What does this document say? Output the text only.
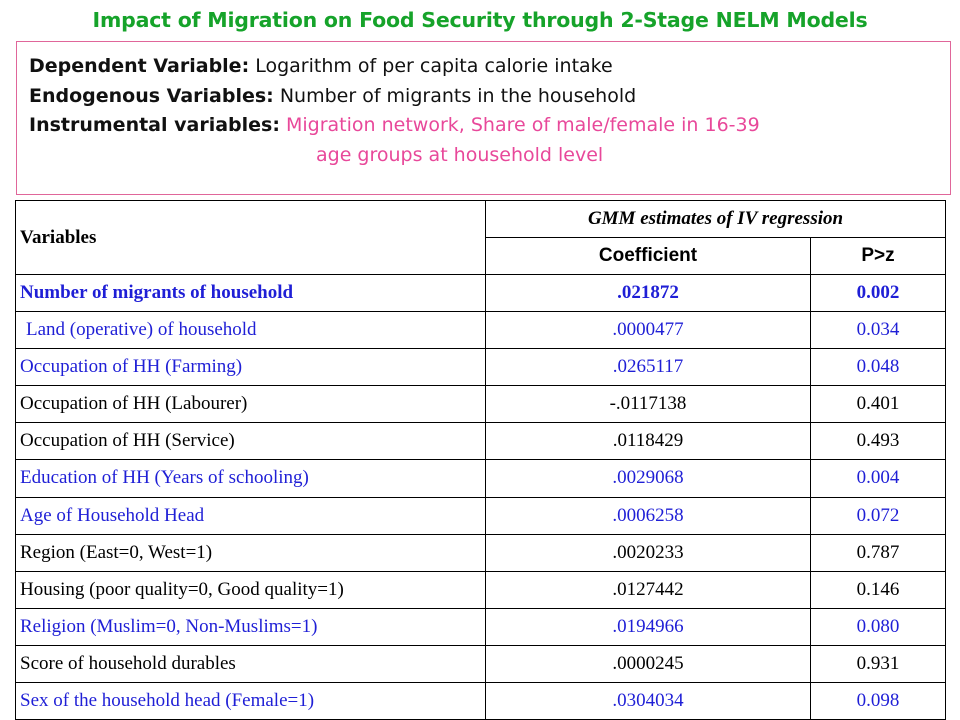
Impact of Migration on Food Security through 2-Stage NELM Models
Dependent Variable: Logarithm of per capita calorie intake
Endogenous Variables: Number of migrants in the household
Instrumental variables: Migration network, Share of male/female in 16-39
age groups at household level
Variables	GMM estimates of IV regression	
	Coefficient	P>z
Number of migrants of household	.021872	0.002
Land (operative) of household	.0000477	0.034
Occupation of HH (Farming)	.0265117	0.048
Occupation of HH (Labourer)	-.0117138	0.401
Occupation of HH (Service)	.0118429	0.493
Education of HH (Years of schooling)	.0029068	0.004
Age of Household Head	.0006258	0.072
Region (East=0, West=1)	.0020233	0.787
Housing (poor quality=0, Good quality=1)	.0127442	0.146
Religion (Muslim=0, Non-Muslims=1)	.0194966	0.080
Score of household durables	.0000245	0.931
Sex of the household head (Female=1)	.0304034	0.098
